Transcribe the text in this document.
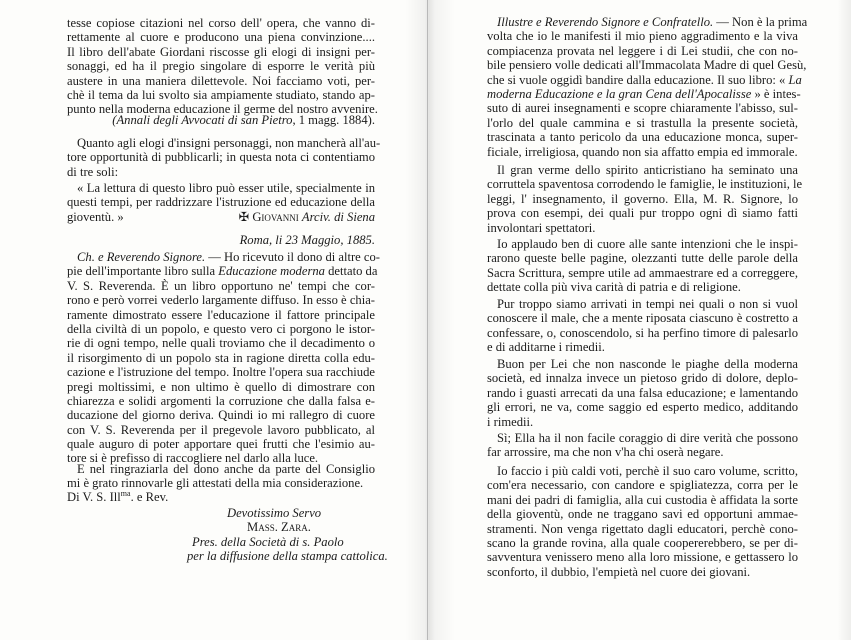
tesse copiose citazioni nel corso dell' opera, che vanno di-
rettamente al cuore e producono una piena convinzione....
Il libro dell'abate Giordani riscosse gli elogi di insigni per-
sonaggi, ed ha il pregio singolare di esporre le verità più
austere in una maniera dilettevole. Noi facciamo voti, per-
chè il tema da lui svolto sia ampiamente studiato, stando ap-
punto nella moderna educazione il germe del nostro avvenire.
(Annali degli Avvocati di san Pietro, 1 magg. 1884).
Quanto agli elogi d'insigni personaggi, non mancherà all'au-
tore opportunità di pubblicarli; in questa nota ci contentiamo
di tre soli:
« La lettura di questo libro può esser utile, specialmente in
questi tempi, per raddrizzare l'istruzione ed educazione della
gioventù. »	✠ Giovanni Arciv. di Siena
Roma, li 23 Maggio, 1885.
Ch. e Reverendo Signore. — Ho ricevuto il dono di altre co-
pie dell'importante libro sulla Educazione moderna dettato da
V. S. Reverenda. È un libro opportuno ne' tempi che cor-
rono e però vorrei vederlo largamente diffuso. In esso è chia-
ramente dimostrato essere l'educazione il fattore principale
della civiltà di un popolo, e questo vero ci porgono le istor-
rie di ogni tempo, nelle quali troviamo che il decadimento o
il risorgimento di un popolo sta in ragione diretta colla edu-
cazione e l'istruzione del tempo. Inoltre l'opera sua racchiude
pregi moltissimi, e non ultimo è quello di dimostrare con
chiarezza e solidi argomenti la corruzione che dalla falsa e-
ducazione del giorno deriva. Quindi io mi rallegro di cuore
con V. S. Reverenda per il pregevole lavoro pubblicato, al
quale auguro di poter apportare quei frutti che l'esimio au-
tore si è prefisso di raccogliere nel darlo alla luce.
E nel ringraziarla del dono anche da parte del Consiglio
mi è grato rinnovarle gli attestati della mia considerazione.
Di V. S. Ill$^{ma}$. e Rev.
Devotissimo Servo
Mass. Zara.
Pres. della Società di s. Paolo
per la diffusione della stampa cattolica.
Illustre e Reverendo Signore e Confratello. — Non è la prima
volta che io le manifesti il mio pieno aggradimento e la viva
compiacenza provata nel leggere i di Lei studii, che con no-
bile pensiero volle dedicati all'Immacolata Madre di quel Gesù,
che si vuole oggidì bandire dalla educazione. Il suo libro: « La
moderna Educazione e la gran Cena dell'Apocalisse » è intes-
suto di aurei insegnamenti e scopre chiaramente l'abisso, sul-
l'orlo del quale cammina e si trastulla la presente società,
trascinata a tanto pericolo da una educazione monca, super-
ficiale, irreligiosa, quando non sia affatto empia ed immorale.
Il gran verme dello spirito anticristiano ha seminato una
corruttela spaventosa corrodendo le famiglie, le instituzioni, le
leggi, l' insegnamento, il governo. Ella, M. R. Signore, lo
prova con esempi, dei quali pur troppo ogni dì siamo fatti
involontari spettatori.
Io applaudo ben di cuore alle sante intenzioni che le inspi-
rarono queste belle pagine, olezzanti tutte delle parole della
Sacra Scrittura, sempre utile ad ammaestrare ed a correggere,
dettate colla più viva carità di patria e di religione.
Pur troppo siamo arrivati in tempi nei quali o non si vuol
conoscere il male, che a mente riposata ciascuno è costretto a
confessare, o, conoscendolo, si ha perfino timore di palesarlo
e di additarne i rimedii.
Buon per Lei che non nasconde le piaghe della moderna
società, ed innalza invece un pietoso grido di dolore, deplo-
rando i guasti arrecati da una falsa educazione; e lamentando
gli errori, ne va, come saggio ed esperto medico, additando
i rimedii.
Sì; Ella ha il non facile coraggio di dire verità che possono
far arrossire, ma che non v'ha chi oserà negare.
Io faccio i più caldi voti, perchè il suo caro volume, scritto,
com'era necessario, con candore e spigliatezza, corra per le
mani dei padri di famiglia, alla cui custodia è affidata la sorte
della gioventù, onde ne traggano savi ed opportuni ammae-
stramenti. Non venga rigettato dagli educatori, perchè cono-
scano la grande rovina, alla quale coopererebbero, se per di-
savventura venissero meno alla loro missione, e gettassero lo
sconforto, il dubbio, l'empietà nel cuore dei giovani.
